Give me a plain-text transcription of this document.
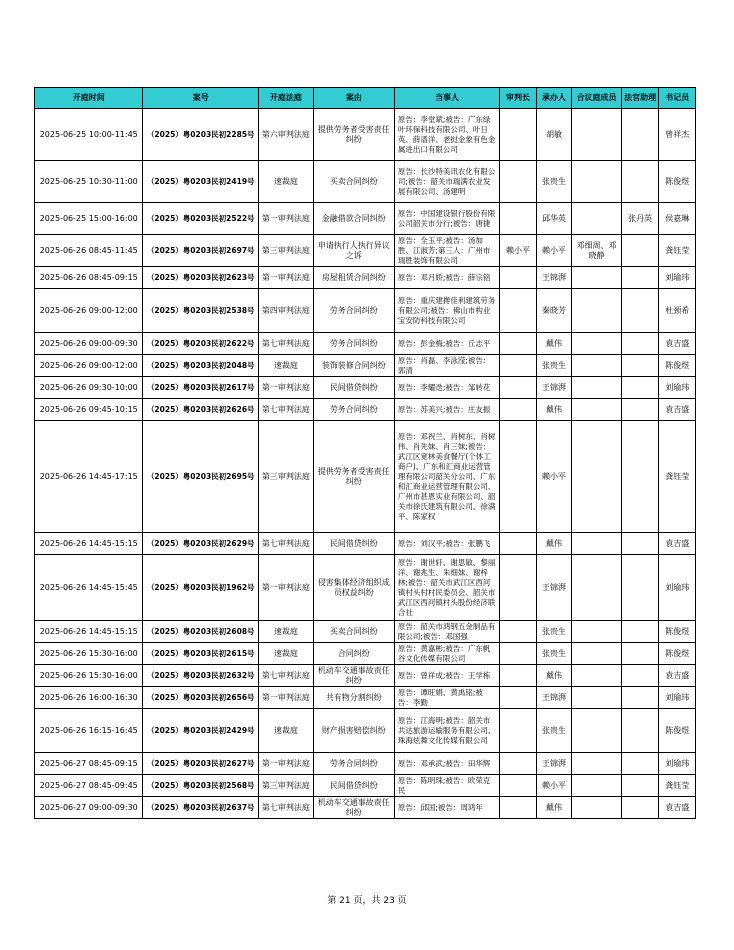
开庭时间	案号	开庭法庭	案由	当事人	审判长	承办人	合议庭成员	法官助理	书记员
2025-06-25 10:00-11:45	（2025）粤0203民初2285号	第六审判法庭	提供劳务者受害责任纠纷	原告：李堂斌;被告：广东绿叶环保科技有限公司、叶日英、薛谱洋、老挝金象有色金属进出口有限公司		胡敏			曾祥杰
2025-06-25 10:30-11:00	（2025）粤0203民初2419号	速裁庭	买卖合同纠纷	原告：长沙特美讯农化有限公司;被告：韶关市瑞满农业发展有限公司、汤建明		张贵生			陈俊煜
2025-06-25 15:00-16:00	（2025）粤0203民初2522号	第一审判法庭	金融借款合同纠纷	原告：中国建设银行股份有限公司韶关市分行;被告：唐捷		邱华英		张丹英	侯嘉琳
2025-06-26 08:45-11:45	（2025）粤0203民初2697号	第三审判法庭	申请执行人执行异议之诉	原告：全玉平;被告：汤加胜、江淑芳;第三人：广州市瑞胜装饰有限公司	赖小平	赖小平	邓细周、邓晓静		龚钰莹
2025-06-26 08:45-09:15	（2025）粤0203民初2623号	第一审判法庭	房屋租赁合同纠纷	原告：邓月娇;被告：薛宗铭		王锦湃			刘瑜玮
2025-06-26 09:00-12:00	（2025）粤0203民初2538号	第四审判法庭	劳务合同纠纷	原告：重庆建搀佳利建筑劳务有限公司;被告：佛山市构业宝安防科技有限公司		秦晓芳			杜颈希
2025-06-26 09:00-09:30	（2025）粤0203民初2622号	第七审判法庭	劳务合同纠纷	原告：彭金梅;被告：丘志平		戴伟			袁吉盛
2025-06-26 09:00-12:00	（2025）粤0203民初2048号	速裁庭	装饰装修合同纠纷	原告：肖磊、李泳滢;被告：郭清		张贵生			陈俊煜
2025-06-26 09:30-10:00	（2025）粤0203民初2617号	第一审判法庭	民间借贷纠纷	原告：李耀迭;被告：邹转花		王锦湃			刘瑜玮
2025-06-26 09:45-10:15	（2025）粤0203民初2626号	第七审判法庭	劳务合同纠纷	原告：苏美兴;被告：庄友振		戴伟			袁吉盛
2025-06-26 14:45-17:15	（2025）粤0203民初2695号	第三审判法庭	提供劳务者受害责任纠纷	原告：邓祝兰、肖树东、肖树伟、肖先妹、肖三妹;被告：武江区宽林美食餐厅(个体工商户)、广东和汇商业运营管理有限公司韶关分公司、广东和汇商业运营管理有限公司、广州市甚恩实业有限公司、韶关市徐氏建筑有限公司、徐满平、陈家权		赖小平			龚钰莹
2025-06-26 14:45-15:15	（2025）粤0203民初2629号	第七审判法庭	民间借贷纠纷	原告：刘汉平;被告：张鹏飞		戴伟			袁吉盛
2025-06-26 14:45-15:45	（2025）粤0203民初1962号	第一审判法庭	侵害集体经济组织成员权益纠纷	原告：谢世轩、谢思敏、黎丽洋、谢兆生、朱细妹、谢梓林;被告：韶关市武江区西河镇村头村村民委员会、韶关市武江区西河镇村头股份经济联合社		王锦湃			刘瑜玮
2025-06-26 14:45-15:15	（2025）粤0203民初2608号	速裁庭	买卖合同纠纷	原告：韶关市鸿钢五金制品有限公司;被告：邓国强		张贵生			陈俊煜
2025-06-26 15:30-16:00	（2025）粤0203民初2615号	速裁庭	合同纠纷	原告：黄嘉彬;被告：广东帆谷文化传媒有限公司		张贵生			陈俊煜
2025-06-26 15:30-16:00	（2025）粤0203民初2632号	第七审判法庭	机动车交通事故责任纠纷	原告：曾祥成;被告：王学栋		戴伟			袁吉盛
2025-06-26 16:00-16:30	（2025）粤0203民初2656号	第一审判法庭	共有物分割纠纷	原告：谭旺娟、黄禹铭;被告：李勤		王锦湃			刘瑜玮
2025-06-26 16:15-16:45	（2025）粤0203民初2429号	速裁庭	财产损害赔偿纠纷	原告：江海明;被告：韶关市共达旅游运输服务有限公司、珠海炫舞文化传媒有限公司		张贵生			陈俊煜
2025-06-27 08:45-09:15	（2025）粤0203民初2627号	第一审判法庭	劳务合同纠纷	原告：邓承武;被告：田华辉		王锦湃			刘瑜玮
2025-06-27 08:45-09:45	（2025）粤0203民初2568号	第三审判法庭	民间借贷纠纷	原告：陈明珠;被告：欧荣克民		赖小平			龚钰莹
2025-06-27 09:00-09:30	（2025）粤0203民初2637号	第七审判法庭	机动车交通事故责任纠纷	原告：邱国;被告：周鸿年		戴伟			袁吉盛
第 21 页，共 23 页
